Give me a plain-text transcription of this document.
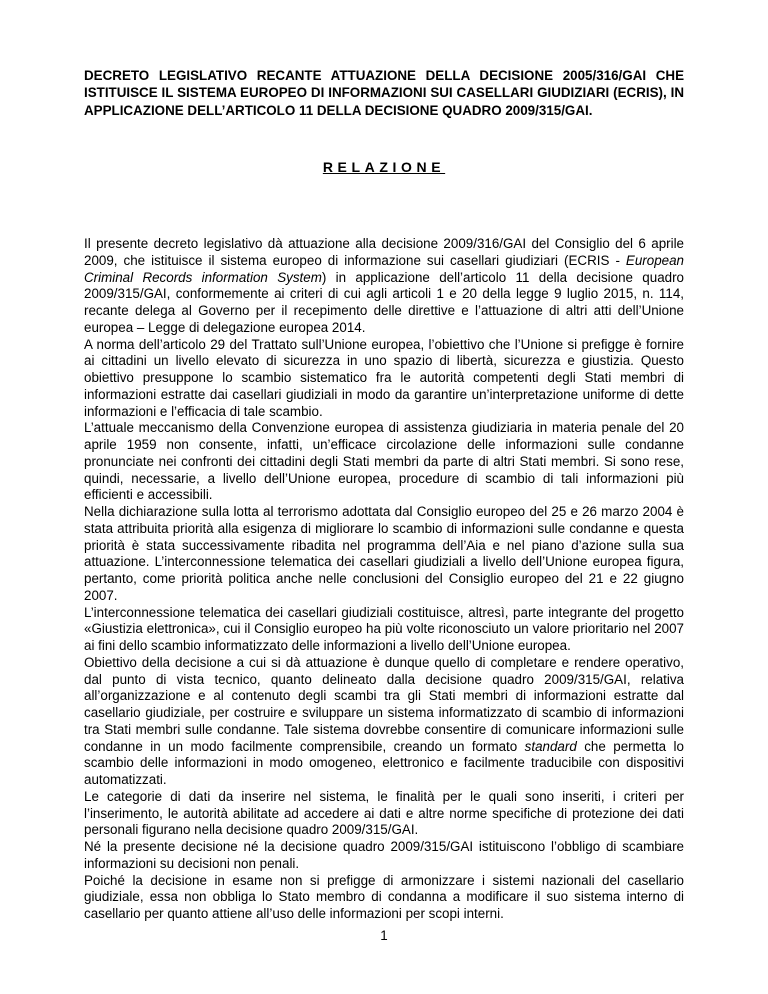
DECRETO LEGISLATIVO RECANTE ATTUAZIONE DELLA DECISIONE 2005/316/GAI CHE ISTITUISCE IL SISTEMA EUROPEO DI INFORMAZIONI SUI CASELLARI GIUDIZIARI (ECRIS), IN APPLICAZIONE DELL’ARTICOLO 11 DELLA DECISIONE QUADRO 2009/315/GAI.

RELAZIONE

Il presente decreto legislativo dà attuazione alla decisione 2009/316/GAI del Consiglio del 6 aprile 2009, che istituisce il sistema europeo di informazione sui casellari giudiziari (ECRIS - European Criminal Records information System) in applicazione dell’articolo 11 della decisione quadro 2009/315/GAI, conformemente ai criteri di cui agli articoli 1 e 20 della legge 9 luglio 2015, n. 114, recante delega al Governo per il recepimento delle direttive e l’attuazione di altri atti dell’Unione europea – Legge di delegazione europea 2014.

A norma dell’articolo 29 del Trattato sull’Unione europea, l’obiettivo che l’Unione si prefigge è fornire ai cittadini un livello elevato di sicurezza in uno spazio di libertà, sicurezza e giustizia. Questo obiettivo presuppone lo scambio sistematico fra le autorità competenti degli Stati membri di informazioni estratte dai casellari giudiziali in modo da garantire un’interpretazione uniforme di dette informazioni e l’efficacia di tale scambio.

L’attuale meccanismo della Convenzione europea di assistenza giudiziaria in materia penale del 20 aprile 1959 non consente, infatti, un’efficace circolazione delle informazioni sulle condanne pronunciate nei confronti dei cittadini degli Stati membri da parte di altri Stati membri. Si sono rese, quindi, necessarie, a livello dell’Unione europea, procedure di scambio di tali informazioni più efficienti e accessibili.

Nella dichiarazione sulla lotta al terrorismo adottata dal Consiglio europeo del 25 e 26 marzo 2004 è stata attribuita priorità alla esigenza di migliorare lo scambio di informazioni sulle condanne e questa priorità è stata successivamente ribadita nel programma dell’Aia e nel piano d’azione sulla sua attuazione. L’interconnessione telematica dei casellari giudiziali a livello dell’Unione europea figura, pertanto, come priorità politica anche nelle conclusioni del Consiglio europeo del 21 e 22 giugno 2007.

L’interconnessione telematica dei casellari giudiziali costituisce, altresì, parte integrante del progetto «Giustizia elettronica», cui il Consiglio europeo ha più volte riconosciuto un valore prioritario nel 2007 ai fini dello scambio informatizzato delle informazioni a livello dell’Unione europea.

Obiettivo della decisione a cui si dà attuazione è dunque quello di completare e rendere operativo, dal punto di vista tecnico, quanto delineato dalla decisione quadro 2009/315/GAI, relativa all’organizzazione e al contenuto degli scambi tra gli Stati membri di informazioni estratte dal casellario giudiziale, per costruire e sviluppare un sistema informatizzato di scambio di informazioni tra Stati membri sulle condanne. Tale sistema dovrebbe consentire di comunicare informazioni sulle condanne in un modo facilmente comprensibile, creando un formato standard che permetta lo scambio delle informazioni in modo omogeneo, elettronico e facilmente traducibile con dispositivi automatizzati.

Le categorie di dati da inserire nel sistema, le finalità per le quali sono inseriti, i criteri per l’inserimento, le autorità abilitate ad accedere ai dati e altre norme specifiche di protezione dei dati personali figurano nella decisione quadro 2009/315/GAI.

Né la presente decisione né la decisione quadro 2009/315/GAI istituiscono l’obbligo di scambiare informazioni su decisioni non penali.

Poiché la decisione in esame non si prefigge di armonizzare i sistemi nazionali del casellario giudiziale, essa non obbliga lo Stato membro di condanna a modificare il suo sistema interno di casellario per quanto attiene all’uso delle informazioni per scopi interni.

1
